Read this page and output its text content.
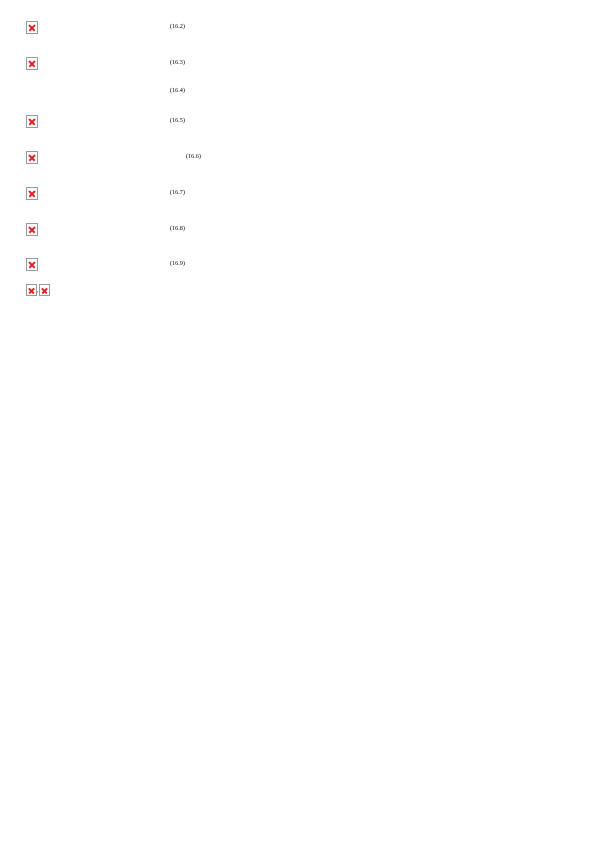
(16.2)

(16.3)

(16.4)

(16.5)

(16.6)

(16.7)

(16.8)
(16.9)
